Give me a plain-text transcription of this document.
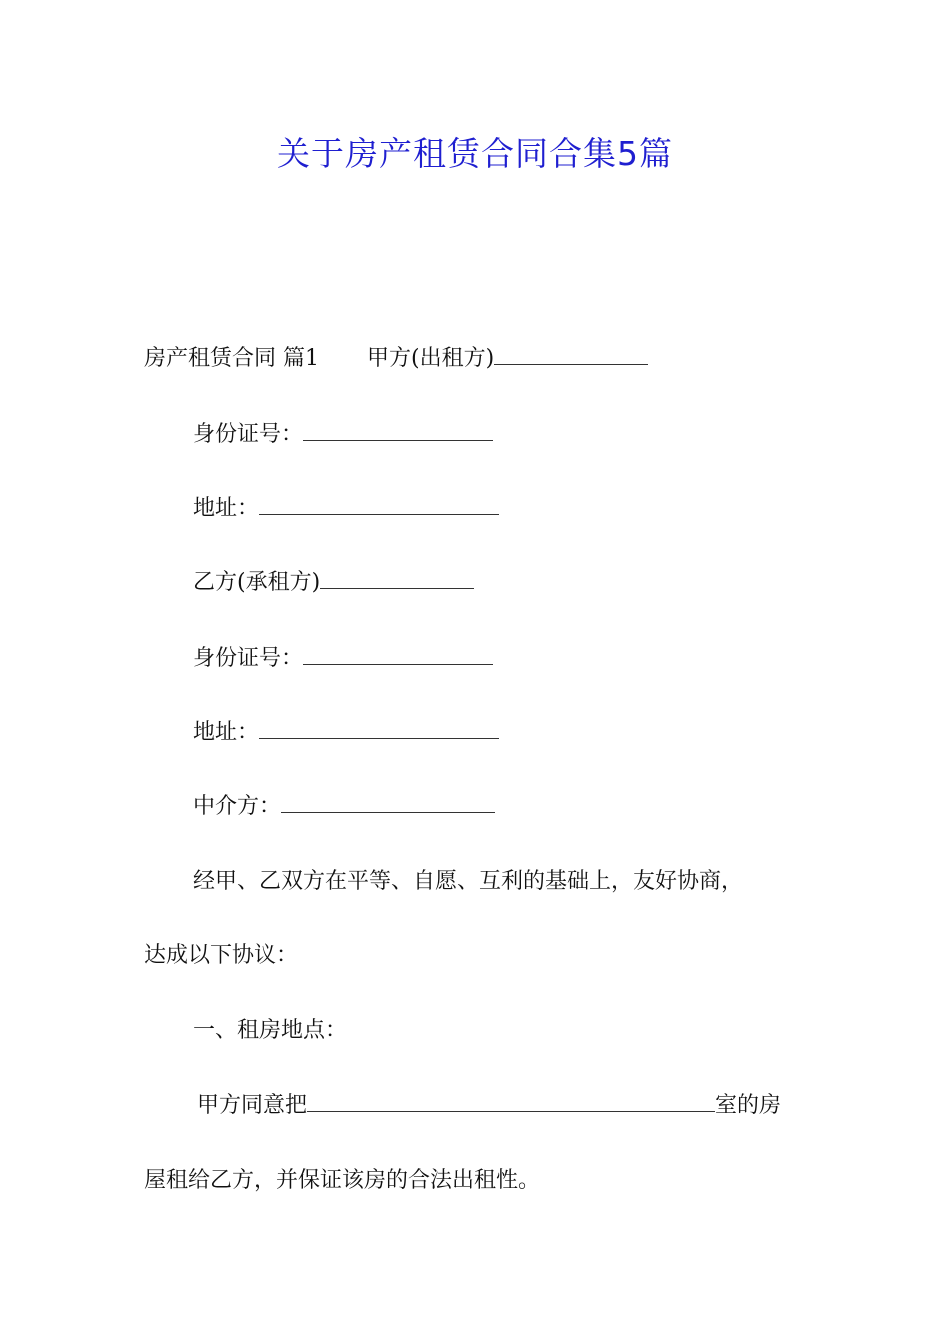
关于房产租赁合同合集5篇
房产租赁合同 篇1 甲方(出租方)
身份证号：
地址：
乙方(承租方)
身份证号：
地址：
中介方：
经甲、乙双方在平等、自愿、互利的基础上，友好协商，
达成以下协议：
一、租房地点：
甲方同意把	室的房
屋租给乙方，并保证该房的合法出租性。
